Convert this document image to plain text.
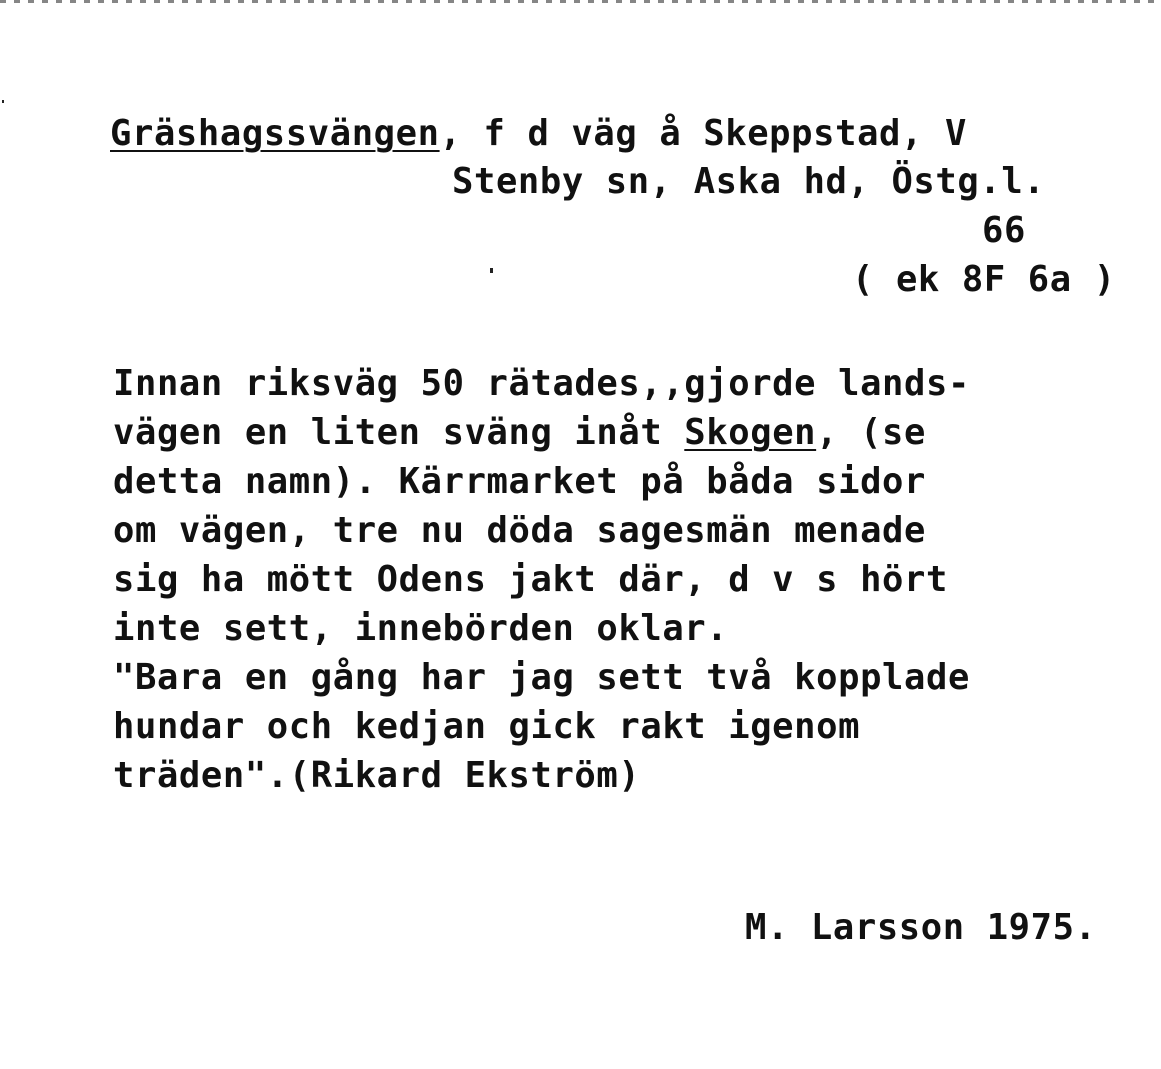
Gräshagssvängen, f d väg å Skeppstad, V
Stenby sn, Aska hd, Östg.l.
66
( ek 8F 6a )
Innan riksväg 50 rätades,,gjorde lands-
vägen en liten sväng inåt Skogen, (se
detta namn). Kärrmarket på båda sidor
om vägen, tre nu döda sagesmän menade
sig ha mött Odens jakt där, d v s hört
inte sett, innebörden oklar.
"Bara en gång har jag sett två kopplade
hundar och kedjan gick rakt igenom
träden".(Rikard Ekström)
M. Larsson 1975.
